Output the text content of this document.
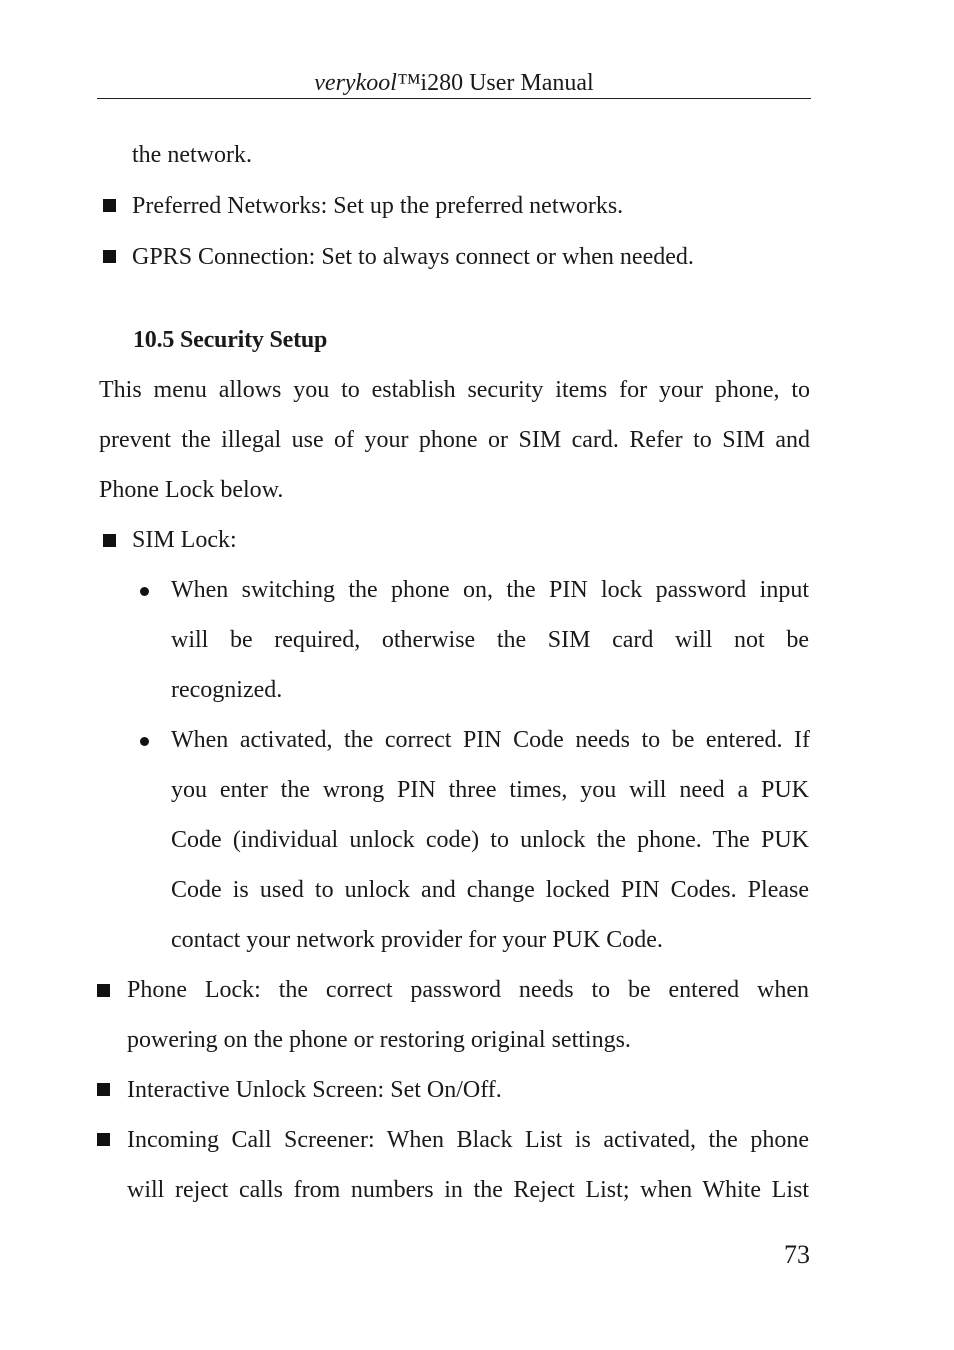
verykool™i280 User Manual
the network.
Preferred Networks: Set up the preferred networks.
GPRS Connection: Set to always connect or when needed.
10.5 Security Setup
This menu allows you to establish security items for your phone, to
prevent the illegal use of your phone or SIM card. Refer to SIM and
Phone Lock below.
SIM Lock:
When switching the phone on, the PIN lock password input
will be required, otherwise the SIM card will not be
recognized.
When activated, the correct PIN Code needs to be entered. If
you enter the wrong PIN three times, you will need a PUK
Code (individual unlock code) to unlock the phone. The PUK
Code is used to unlock and change locked PIN Codes. Please
contact your network provider for your PUK Code.
Phone Lock: the correct password needs to be entered when
powering on the phone or restoring original settings.
Interactive Unlock Screen: Set On/Off.
Incoming Call Screener: When Black List is activated, the phone
will reject calls from numbers in the Reject List; when White List
73
